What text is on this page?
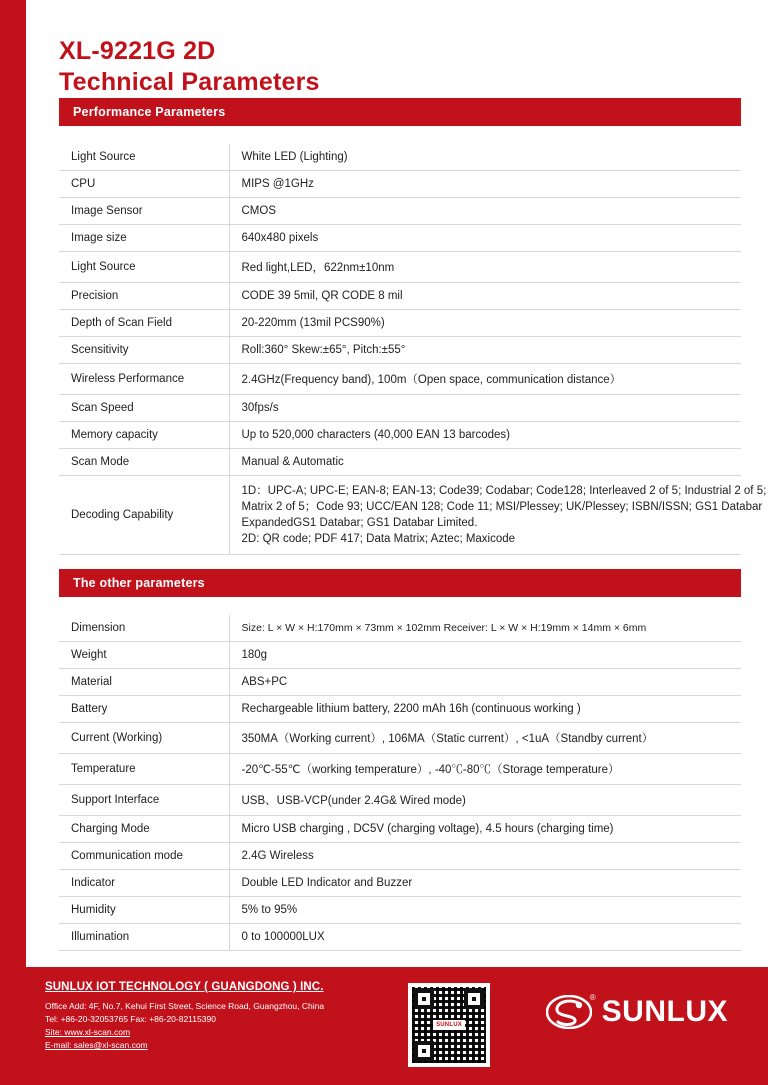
XL-9221G 2D
Technical Parameters
Performance Parameters
Light Source	White LED (Lighting)
CPU	MIPS @1GHz
Image Sensor	CMOS
Image size	640x480 pixels
Light Source	Red light,LED，622nm±10nm
Precision	CODE 39 5mil, QR CODE 8 mil
Depth of Scan Field	20-220mm (13mil PCS90%)
Scensitivity	Roll:360° Skew:±65°, Pitch:±55°
Wireless Performance	2.4GHz(Frequency band), 100m（Open space, communication distance）
Scan Speed	30fps/s
Memory capacity	Up to 520,000 characters (40,000 EAN 13 barcodes)
Scan Mode	Manual & Automatic
Decoding Capability	1D：UPC-A; UPC-E; EAN-8; EAN-13; Code39; Codabar; Code128; Interleaved 2 of 5; Industrial 2 of 5;
Matrix 2 of 5；Code 93; UCC/EAN 128; Code 11; MSI/Plessey; UK/Plessey; ISBN/ISSN; GS1 Databar
ExpandedGS1 Databar; GS1 Databar Limited.
2D: QR code; PDF 417; Data Matrix; Aztec; Maxicode
The other parameters
Dimension	Size: L × W × H:170mm × 73mm × 102mm Receiver: L × W × H:19mm × 14mm × 6mm
Weight	180g
Material	ABS+PC
Battery	Rechargeable lithium battery, 2200 mAh 16h (continuous working )
Current (Working)	350MA（Working current）, 106MA（Static current）, <1uA（Standby current）
Temperature	-20℃-55℃（working temperature）, -40℃-80℃（Storage temperature）
Support Interface	USB、USB-VCP(under 2.4G& Wired mode)
Charging Mode	Micro USB charging , DC5V (charging voltage), 4.5 hours (charging time)
Communication mode	2.4G Wireless
Indicator	Double LED Indicator and Buzzer
Humidity	5% to 95%
Illumination	0 to 100000LUX
SUNLUX IOT TECHNOLOGY ( GUANGDONG ) INC.
Office Add: 4F, No.7, Kehui First Street, Science Road, Guangzhou, China
Tel: +86-20-32053765 Fax: +86-20-82115390
Site: www.xl-scan.com
E-mail: sales@xl-scan.com
SUNLUX
® SUNLUX
